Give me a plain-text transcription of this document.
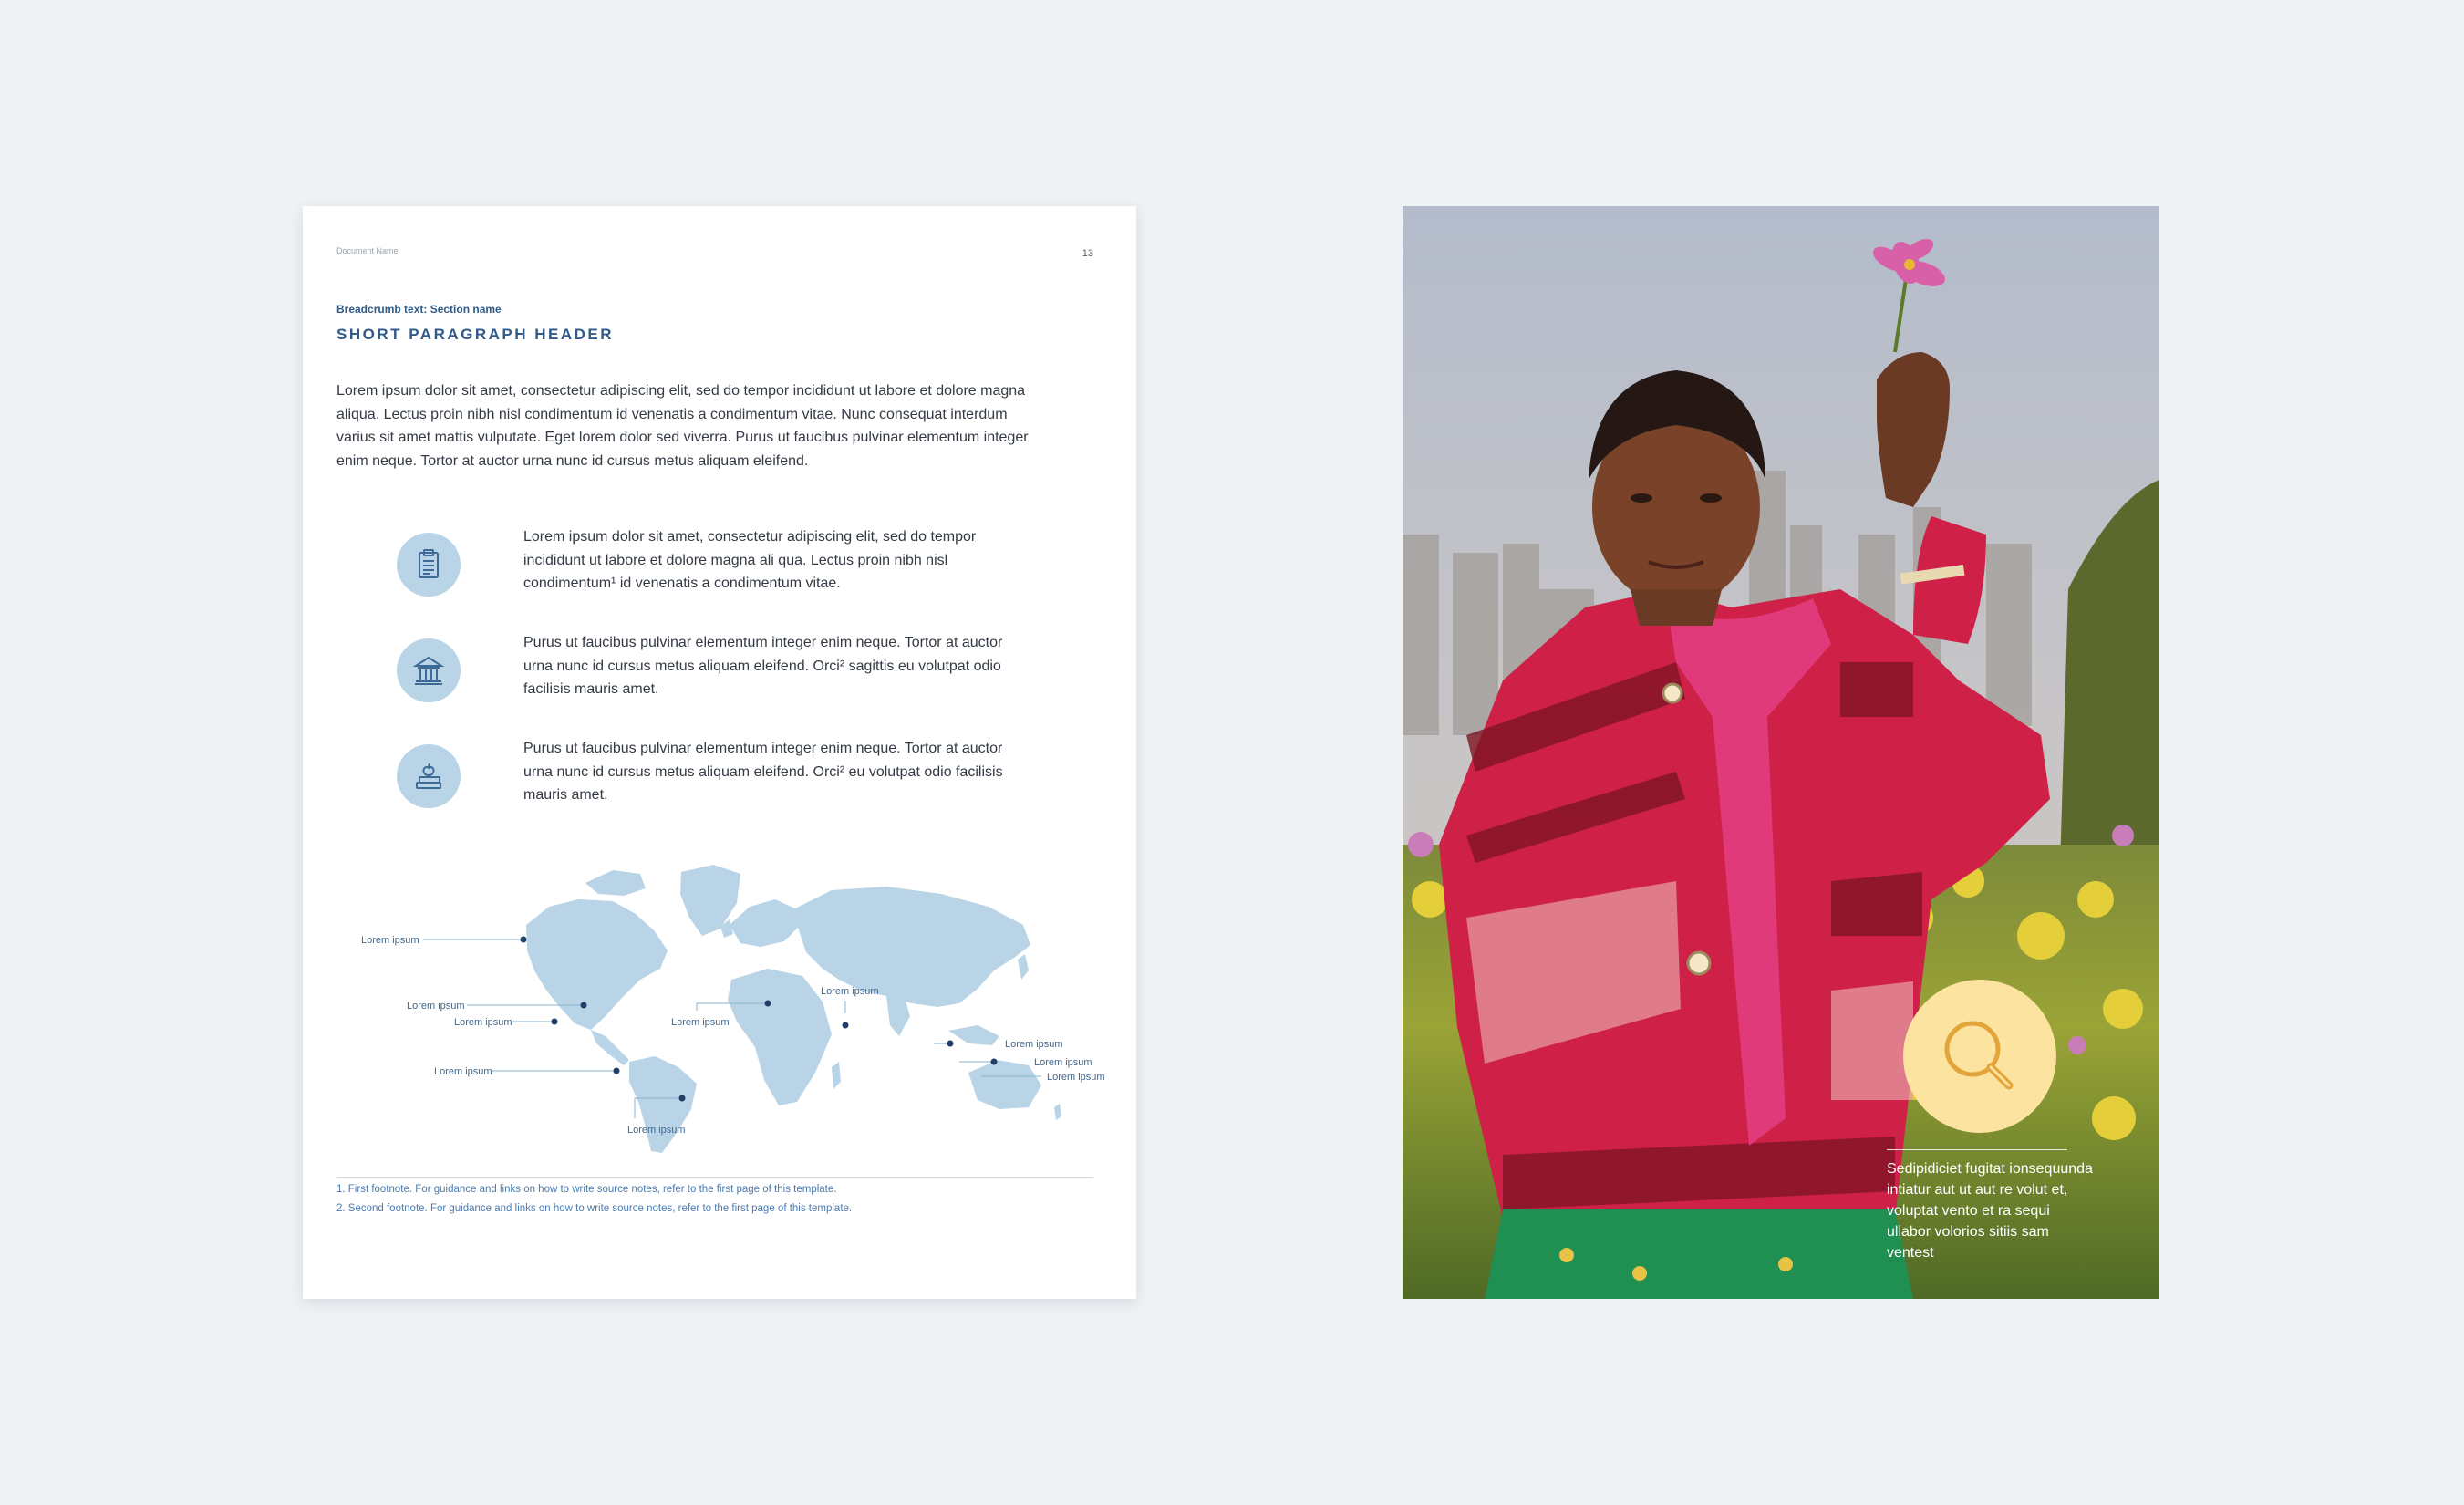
Document Name	13
Breadcrumb text: Section name
SHORT PARAGRAPH HEADER
Lorem ipsum dolor sit amet, consectetur adipiscing elit, sed do tempor incididunt ut labore et dolore magna aliqua. Lectus proin nibh nisl condimentum id venenatis a condimentum vitae. Nunc consequat interdum varius sit amet mattis vulputate. Eget lorem dolor sed viverra. Purus ut faucibus pulvinar elementum integer enim neque. Tortor at auctor urna nunc id cursus metus aliquam eleifend.
Lorem ipsum dolor sit amet, consectetur adipiscing elit, sed do tempor incididunt ut labore et dolore magna ali qua. Lectus proin nibh nisl condimentum¹ id venenatis a condimentum vitae.
Purus ut faucibus pulvinar elementum integer enim neque. Tortor at auctor urna nunc id cursus metus aliquam eleifend. Orci² sagittis eu volutpat odio facilisis mauris amet.
Purus ut faucibus pulvinar elementum integer enim neque. Tortor at auctor urna nunc id cursus metus aliquam eleifend. Orci² eu volutpat odio facilisis mauris amet.
Lorem ipsum
Lorem ipsum
Lorem ipsum
Lorem ipsum
Lorem ipsum
Lorem ipsum
Lorem ipsum
Lorem ipsum
Lorem ipsum
Lorem ipsum
1. First footnote. For guidance and links on how to write source notes, refer to the first page of this template.
2. Second footnote. For guidance and links on how to write source notes, refer to the first page of this template.
Sedipidiciet fugitat ionsequunda intiatur aut ut aut re volut et, voluptat vento et ra sequi ullabor volorios sitiis sam ventest
